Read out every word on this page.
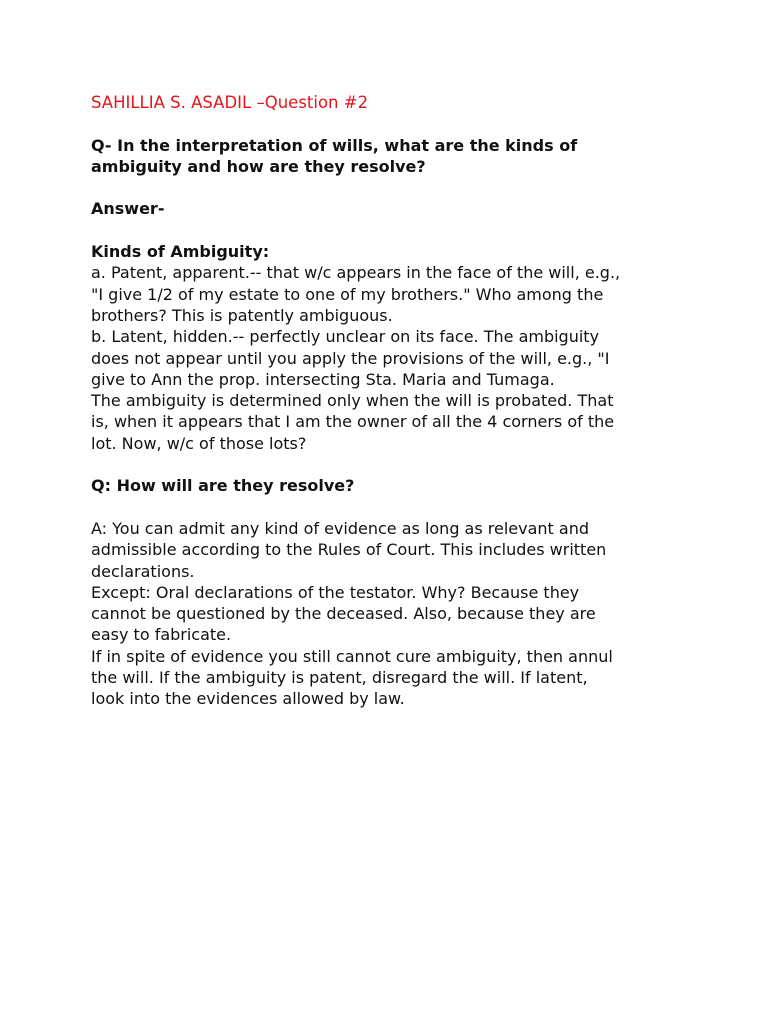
SAHILLIA S. ASADIL –Question #2

Q- In the interpretation of wills, what are the kinds of

ambiguity and how are they resolve?

Answer-

Kinds of Ambiguity:

a. Patent, apparent.-- that w/c appears in the face of the will, e.g.,

"I give 1/2 of my estate to one of my brothers." Who among the

brothers? This is patently ambiguous.

b. Latent, hidden.-- perfectly unclear on its face. The ambiguity

does not appear until you apply the provisions of the will, e.g., "I

give to Ann the prop. intersecting Sta. Maria and Tumaga.

The ambiguity is determined only when the will is probated. That

is, when it appears that I am the owner of all the 4 corners of the

lot. Now, w/c of those lots?

Q: How will are they resolve?

A: You can admit any kind of evidence as long as relevant and

admissible according to the Rules of Court. This includes written

declarations.

Except: Oral declarations of the testator. Why? Because they

cannot be questioned by the deceased. Also, because they are

easy to fabricate.

If in spite of evidence you still cannot cure ambiguity, then annul

the will. If the ambiguity is patent, disregard the will. If latent,

look into the evidences allowed by law.
